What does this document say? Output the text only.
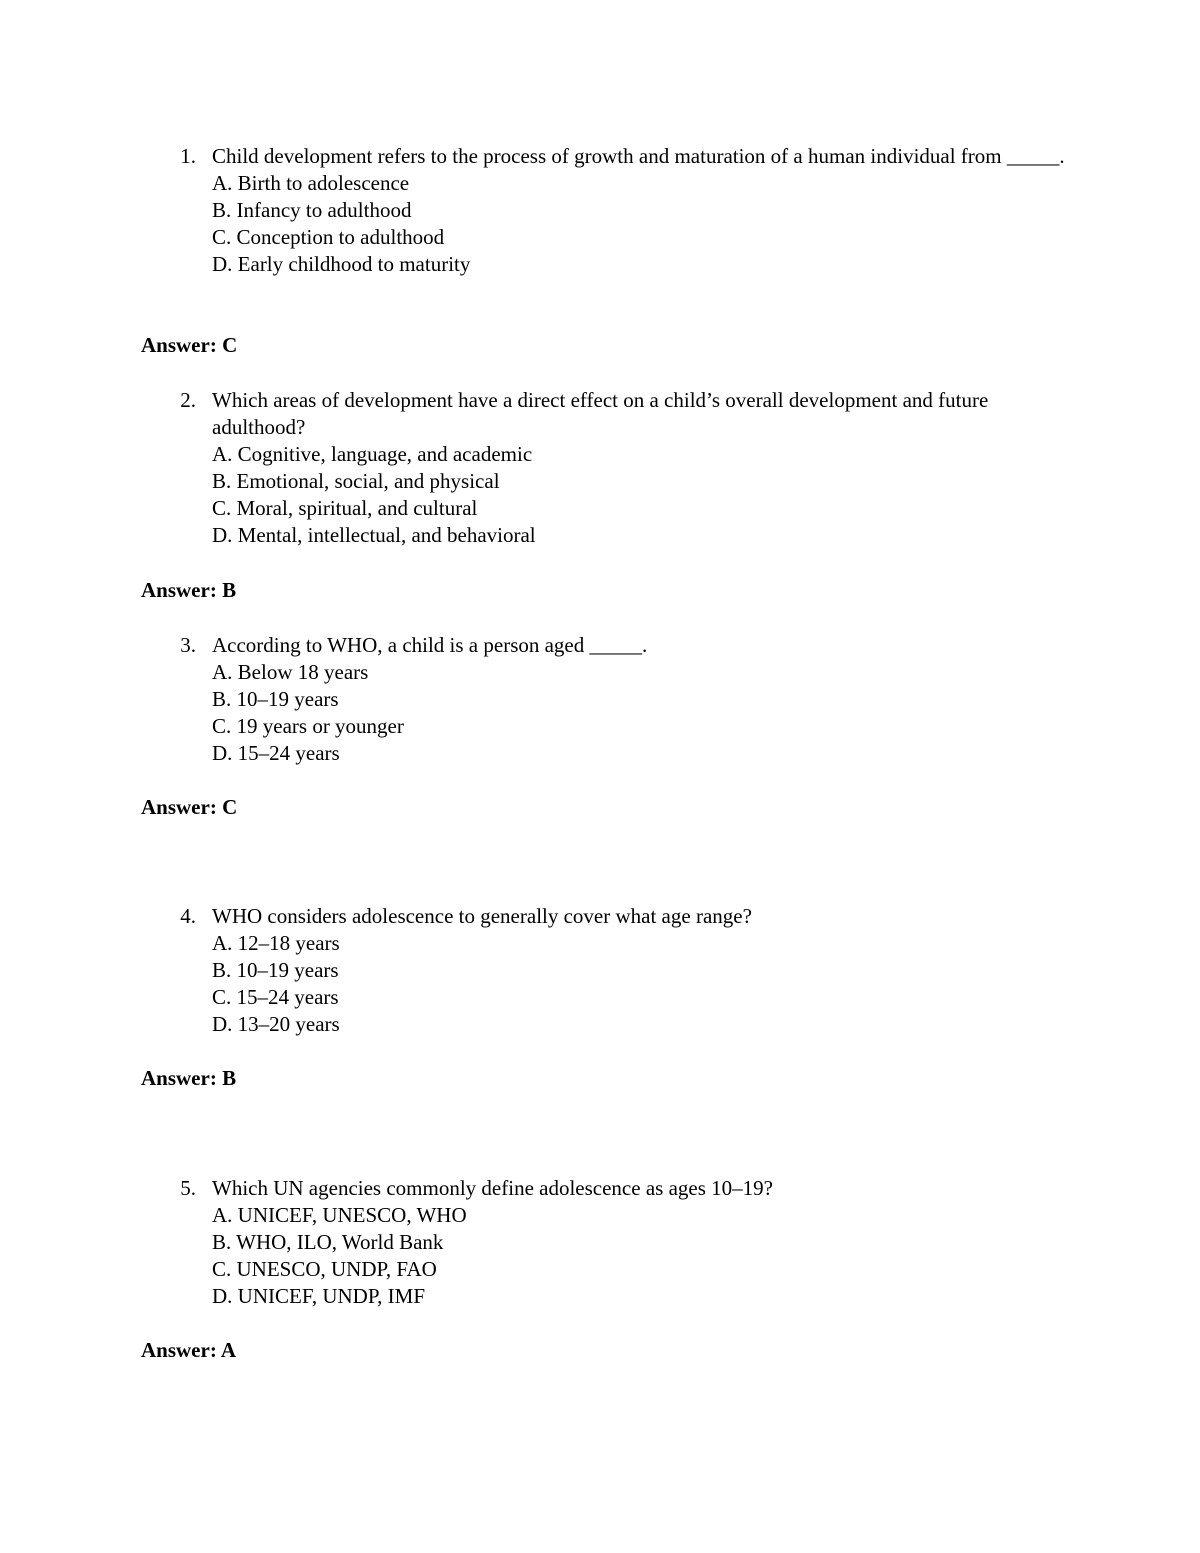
1. Child development refers to the process of growth and maturation of a human individual from _____.
A. Birth to adolescence
B. Infancy to adulthood
C. Conception to adulthood
D. Early childhood to maturity
Answer: C
2. Which areas of development have a direct effect on a child’s overall development and future adulthood?
A. Cognitive, language, and academic
B. Emotional, social, and physical
C. Moral, spiritual, and cultural
D. Mental, intellectual, and behavioral
Answer: B
3. According to WHO, a child is a person aged _____.
A. Below 18 years
B. 10–19 years
C. 19 years or younger
D. 15–24 years
Answer: C
4. WHO considers adolescence to generally cover what age range?
A. 12–18 years
B. 10–19 years
C. 15–24 years
D. 13–20 years
Answer: B
5. Which UN agencies commonly define adolescence as ages 10–19?
A. UNICEF, UNESCO, WHO
B. WHO, ILO, World Bank
C. UNESCO, UNDP, FAO
D. UNICEF, UNDP, IMF
Answer: A
